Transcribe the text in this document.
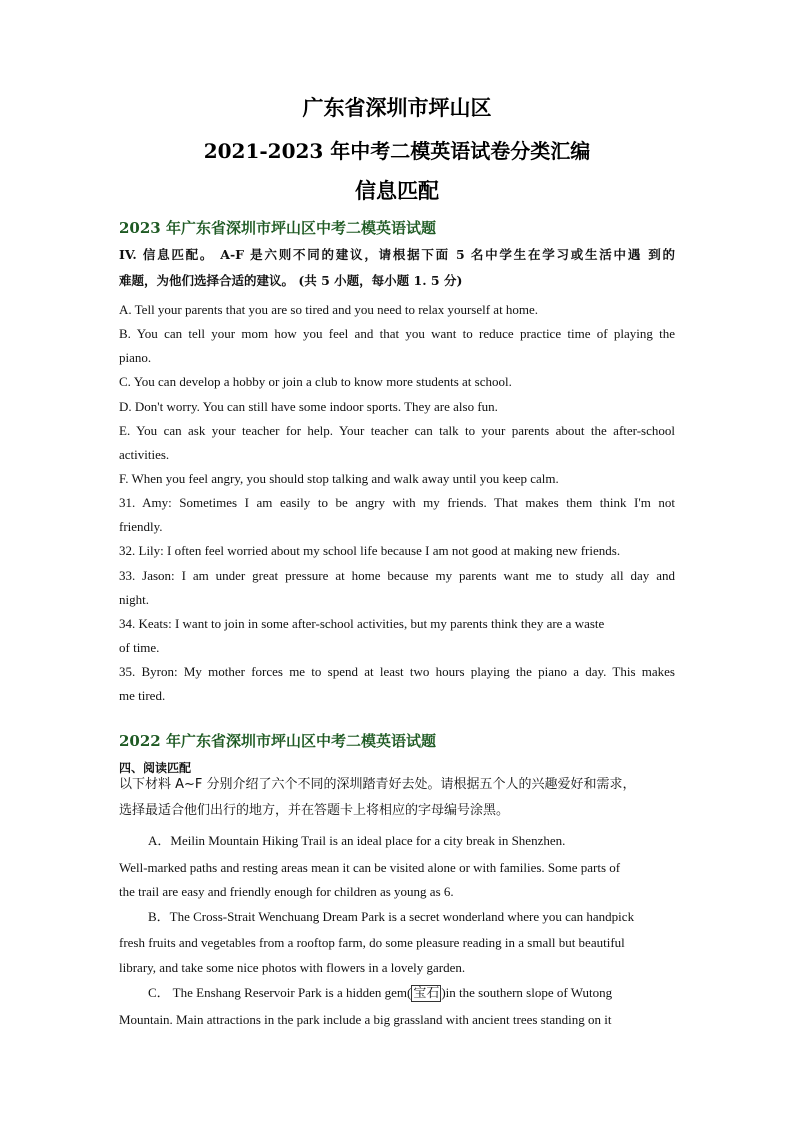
广东省深圳市坪山区
2021-2023 年中考二模英语试卷分类汇编
信息匹配
2023 年广东省深圳市坪山区中考二模英语试题
IV. 信息匹配。 A-F 是六则不同的建议，请根据下面 5 名中学生在学习或生活中遇 到的
难题，为他们选择合适的建议。 (共 5 小题，每小题 1. 5 分)
A. Tell your parents that you are so tired and you need to relax yourself at home.
B. You can tell your mom how you feel and that you want to reduce practice time of playing the
piano.
C. You can develop a hobby or join a club to know more students at school.
D. Don't worry. You can still have some indoor sports. They are also fun.
E. You can ask your teacher for help. Your teacher can talk to your parents about the after-school
activities.
F. When you feel angry, you should stop talking and walk away until you keep calm.
31. Amy: Sometimes I am easily to be angry with my friends. That makes them think I'm not
friendly.
32. Lily: I often feel worried about my school life because I am not good at making new friends.
33. Jason: I am under great pressure at home because my parents want me to study all day and
night.
34. Keats: I want to join in some after-school activities, but my parents think they are a waste
of time.
35. Byron: My mother forces me to spend at least two hours playing the piano a day. This makes
me tired.
2022 年广东省深圳市坪山区中考二模英语试题
四、阅读匹配
以下材料 A~F 分别介绍了六个不同的深圳踏青好去处。请根据五个人的兴趣爱好和需求，
选择最适合他们出行的地方，并在答题卡上将相应的字母编号涂黑。
A．Meilin Mountain Hiking Trail is an ideal place for a city break in Shenzhen.
Well-marked paths and resting areas mean it can be visited alone or with families. Some parts of
the trail are easy and friendly enough for children as young as 6.
B．The Cross-Strait Wenchuang Dream Park is a secret wonderland where you can handpick
fresh fruits and vegetables from a rooftop farm, do some pleasure reading in a small but beautiful
library, and take some nice photos with flowers in a lovely garden.
C． The Enshang Reservoir Park is a hidden gem( 宝石 )in the southern slope of Wutong
Mountain. Main attractions in the park include a big grassland with ancient trees standing on it
